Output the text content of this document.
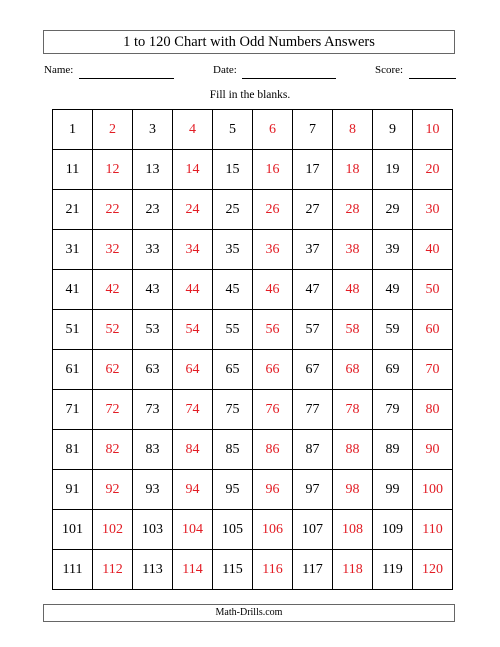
1 to 120 Chart with Odd Numbers Answers
Name:	Date:	Score:
Fill in the blanks.
1	2	3	4	5	6	7	8	9	10
11	12	13	14	15	16	17	18	19	20
21	22	23	24	25	26	27	28	29	30
31	32	33	34	35	36	37	38	39	40
41	42	43	44	45	46	47	48	49	50
51	52	53	54	55	56	57	58	59	60
61	62	63	64	65	66	67	68	69	70
71	72	73	74	75	76	77	78	79	80
81	82	83	84	85	86	87	88	89	90
91	92	93	94	95	96	97	98	99	100
101	102	103	104	105	106	107	108	109	110
111	112	113	114	115	116	117	118	119	120
Math-Drills.com
